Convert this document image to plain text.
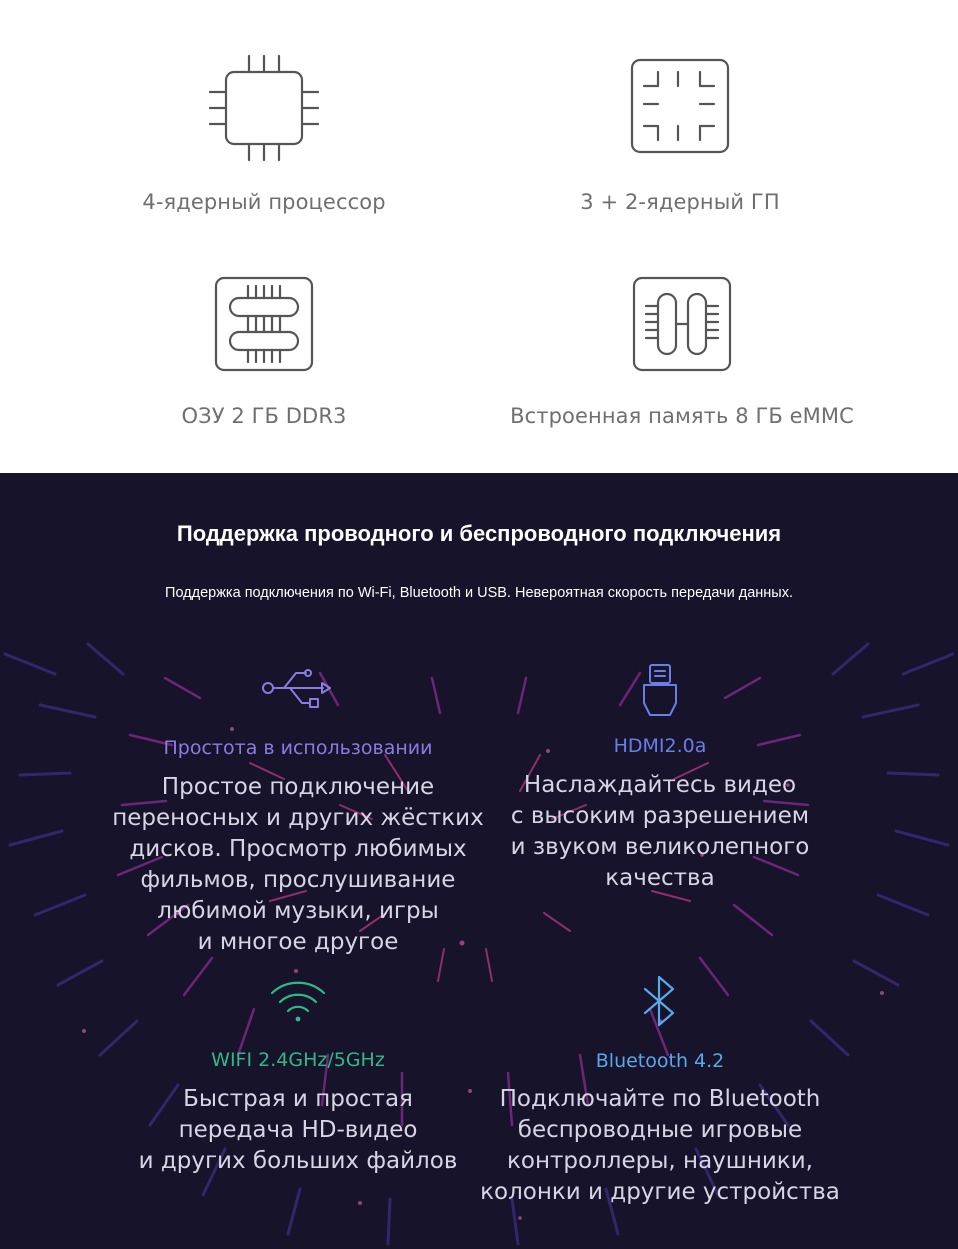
4-ядерный процессор	3 + 2-ядерный ГП
ОЗУ 2 ГБ DDR3	Встроенная память 8 ГБ eMMC
Поддержка проводного и беспроводного подключения

Поддержка подключения по Wi-Fi, Bluetooth и USB. Невероятная скорость передачи данных.

Простота в использовании
Простое подключение
переносных и других жёстких
дисков. Просмотр любимых
фильмов, прослушивание
любимой музыки, игры
и многое другое
HDMI2.0a
Наслаждайтесь видео
с высоким разрешением
и звуком великолепного
качества
WIFI 2.4GHz/5GHz
Быстрая и простая
передача HD-видео
и других больших файлов
Bluetooth 4.2
Подключайте по Bluetooth
беспроводные игровые
контроллеры, наушники,
колонки и другие устройства
